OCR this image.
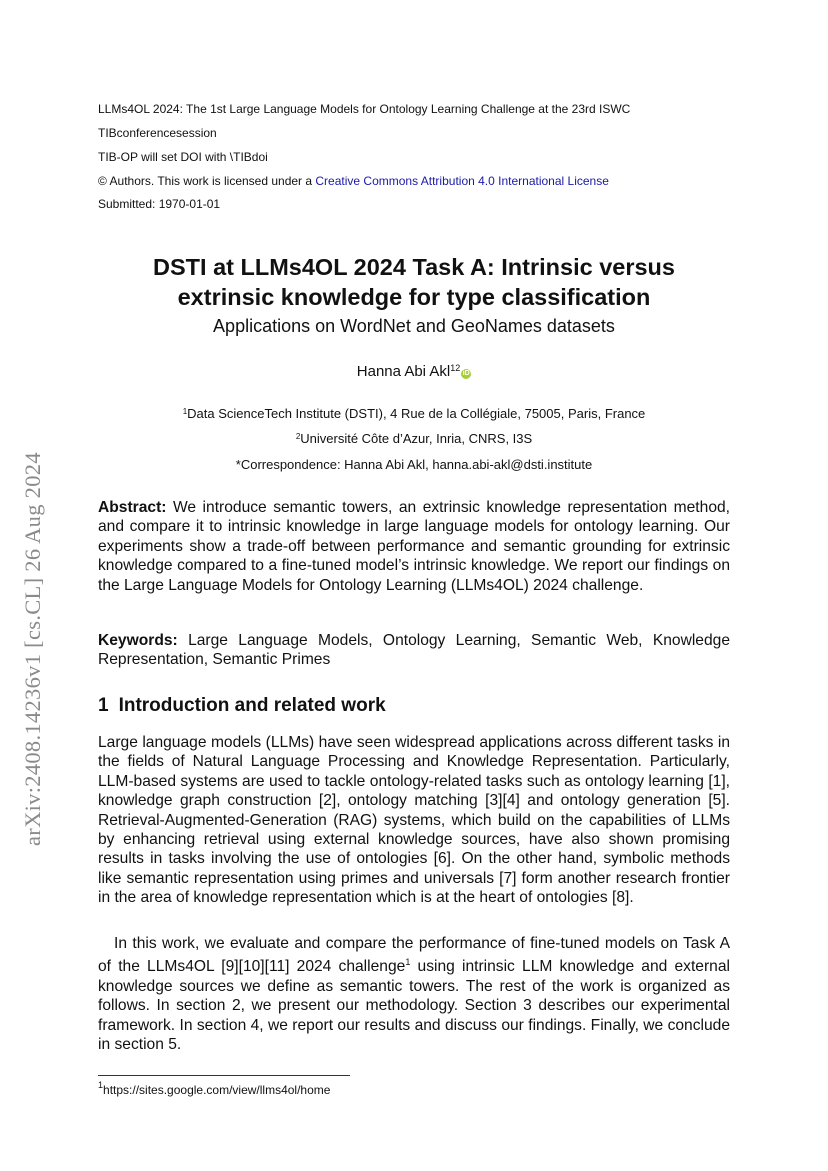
LLMs4OL 2024: The 1st Large Language Models for Ontology Learning Challenge at the 23rd ISWC
TIBconferencesession
TIB-OP will set DOI with \TIBdoi
© Authors. This work is licensed under a Creative Commons Attribution 4.0 International License
Submitted: 1970-01-01
arXiv:2408.14236v1 [cs.CL] 26 Aug 2024
DSTI at LLMs4OL 2024 Task A: Intrinsic versus
extrinsic knowledge for type classification
Applications on WordNet and GeoNames datasets
Hanna Abi Akl$^{12}$iD
$^1$Data ScienceTech Institute (DSTI), 4 Rue de la Collégiale, 75005, Paris, France
$^2$Université Côte d’Azur, Inria, CNRS, I3S
*Correspondence: Hanna Abi Akl, hanna.abi-akl@dsti.institute
Abstract: We introduce semantic towers, an extrinsic knowledge representation method, and compare it to intrinsic knowledge in large language models for ontology learning. Our experiments show a trade-off between performance and semantic grounding for extrinsic knowledge compared to a fine-tuned model’s intrinsic knowledge. We report our findings on the Large Language Models for Ontology Learning (LLMs4OL) 2024 challenge.
Keywords: Large Language Models, Ontology Learning, Semantic Web, Knowledge Representation, Semantic Primes
1 Introduction and related work
Large language models (LLMs) have seen widespread applications across different tasks in the fields of Natural Language Processing and Knowledge Representation. Particularly, LLM-based systems are used to tackle ontology-related tasks such as ontology learning [1], knowledge graph construction [2], ontology matching [3][4] and ontology generation [5]. Retrieval-Augmented-Generation (RAG) systems, which build on the capabilities of LLMs by enhancing retrieval using external knowledge sources, have also shown promising results in tasks involving the use of ontologies [6]. On the other hand, symbolic methods like semantic representation using primes and universals [7] form another research frontier in the area of knowledge representation which is at the heart of ontologies [8].
In this work, we evaluate and compare the performance of fine-tuned models on Task A of the LLMs4OL [9][10][11] 2024 challenge$^1$ using intrinsic LLM knowledge and external knowledge sources we define as semantic towers. The rest of the work is organized as follows. In section 2, we present our methodology. Section 3 describes our experimental framework. In section 4, we report our results and discuss our findings. Finally, we conclude in section 5.
$^1$https://sites.google.com/view/llms4ol/home
